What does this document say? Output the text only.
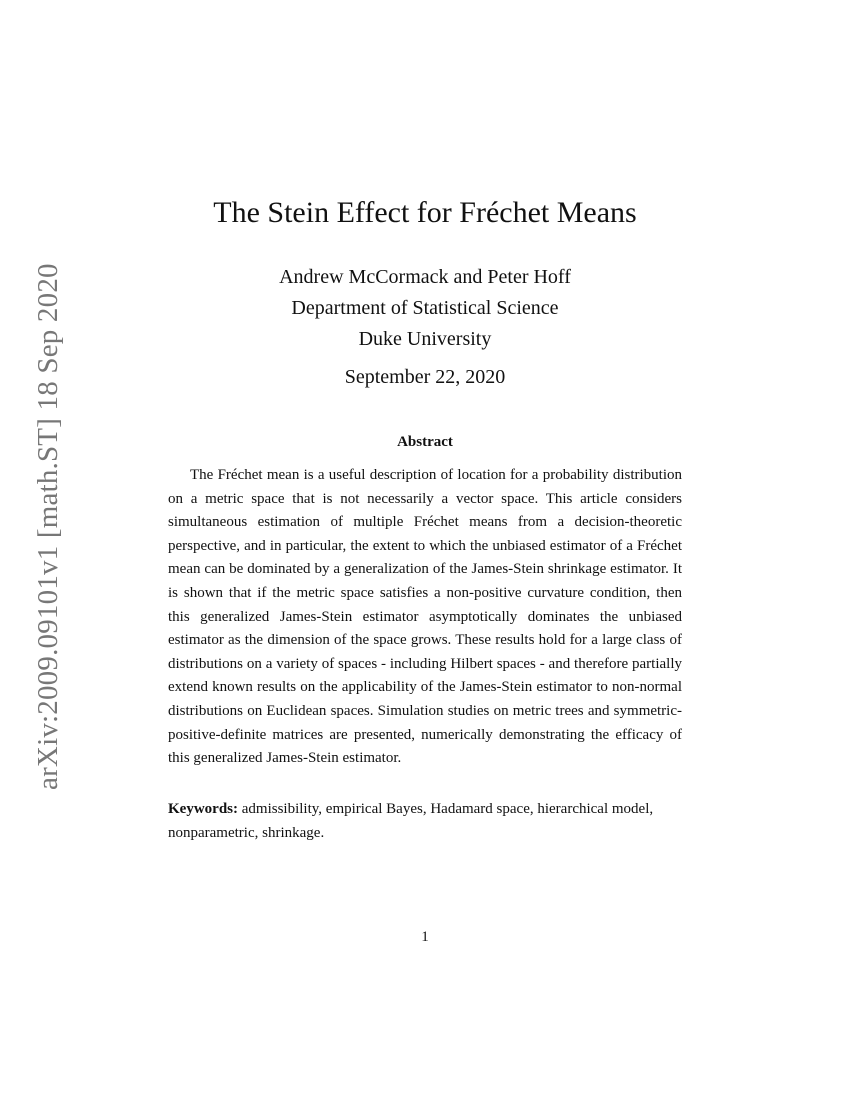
arXiv:2009.09101v1 [math.ST] 18 Sep 2020
The Stein Effect for Fréchet Means
Andrew McCormack and Peter Hoff
Department of Statistical Science
Duke University
September 22, 2020
Abstract

The Fréchet mean is a useful description of location for a probability distribution on a metric space that is not necessarily a vector space. This article considers simultaneous estimation of multiple Fréchet means from a decision-theoretic perspective, and in particular, the extent to which the unbiased estimator of a Fréchet mean can be dominated by a generalization of the James-Stein shrinkage estimator. It is shown that if the metric space satisfies a non-positive curvature condition, then this generalized James-Stein estimator asymptotically dominates the unbiased estimator as the dimension of the space grows. These results hold for a large class of distributions on a variety of spaces - including Hilbert spaces - and therefore partially extend known results on the applicability of the James-Stein estimator to non-normal distributions on Euclidean spaces. Simulation studies on metric trees and symmetric-positive-definite matrices are presented, numerically demonstrating the efficacy of this generalized James-Stein estimator.

Keywords: admissibility, empirical Bayes, Hadamard space, hierarchical model, nonparametric, shrinkage.

1
